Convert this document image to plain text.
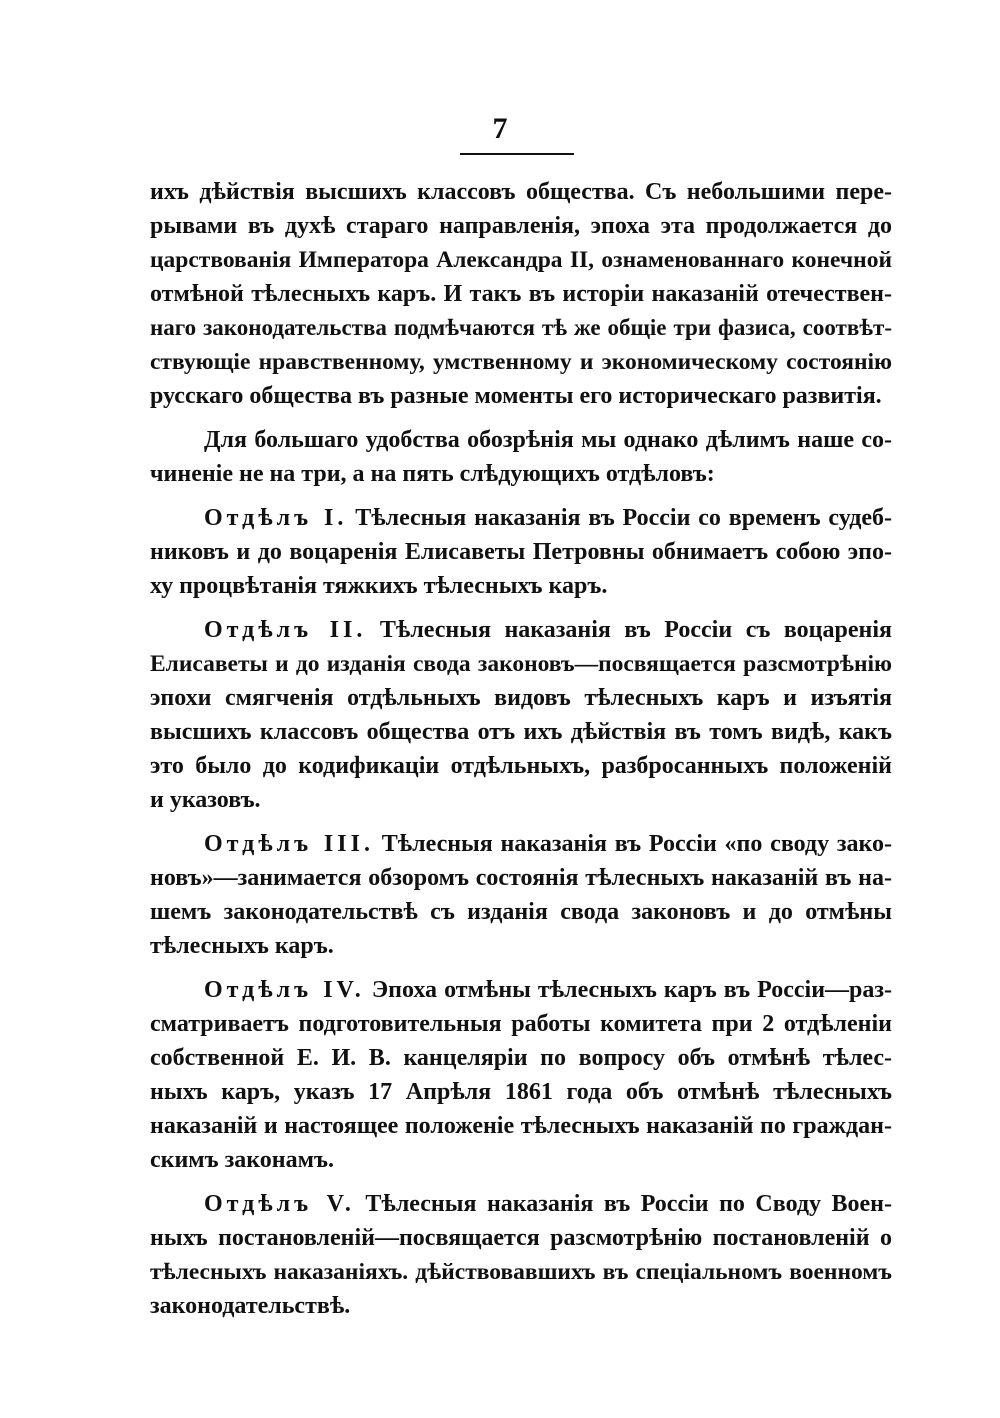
7
ихъ дѣйствія высшихъ классовъ общества. Съ небольшими пере-
рывами въ духѣ стараго направленія, эпоха эта продолжается до
царствованія Императора Александра II, ознаменованнаго конечной
отмѣной тѣлесныхъ каръ. И такъ въ исторіи наказаній отечествен-
наго законодательства подмѣчаются тѣ же общіе три фазиса, соотвѣт-
ствующіе нравственному, умственному и экономическому состоянію
русскаго общества въ разные моменты его историческаго развитія.
Для большаго удобства обозрѣнія мы однако дѣлимъ наше со-
чиненіе не на три, а на пять слѣдующихъ отдѣловъ:
Отдѣлъ I. Тѣлесныя наказанія въ Россіи со временъ судеб-
никовъ и до воцаренія Елисаветы Петровны обнимаетъ собою эпо-
ху процвѣтанія тяжкихъ тѣлесныхъ каръ.
Отдѣлъ II. Тѣлесныя наказанія въ Россіи съ воцаренія
Елисаветы и до изданія свода законовъ—посвящается разсмотрѣнію
эпохи смягченія отдѣльныхъ видовъ тѣлесныхъ каръ и изъятія
высшихъ классовъ общества отъ ихъ дѣйствія въ томъ видѣ, какъ
это было до кодификаціи отдѣльныхъ, разбросанныхъ положеній
и указовъ.
Отдѣлъ III. Тѣлесныя наказанія въ Россіи «по своду зако-
новъ»—занимается обзоромъ состоянія тѣлесныхъ наказаній въ на-
шемъ законодательствѣ съ изданія свода законовъ и до отмѣны
тѣлесныхъ каръ.
Отдѣлъ IV. Эпоха отмѣны тѣлесныхъ каръ въ Россіи—раз-
сматриваетъ подготовительныя работы комитета при 2 отдѣленіи
собственной Е. И. В. канцеляріи по вопросу объ отмѣнѣ тѣлес-
ныхъ каръ, указъ 17 Апрѣля 1861 года объ отмѣнѣ тѣлесныхъ
наказаній и настоящее положеніе тѣлесныхъ наказаній по граждан-
скимъ законамъ.
Отдѣлъ V. Тѣлесныя наказанія въ Россіи по Своду Воен-
ныхъ постановленій—посвящается разсмотрѣнію постановленій о
тѣлесныхъ наказаніяхъ. дѣйствовавшихъ въ спеціальномъ военномъ
законодательствѣ.
